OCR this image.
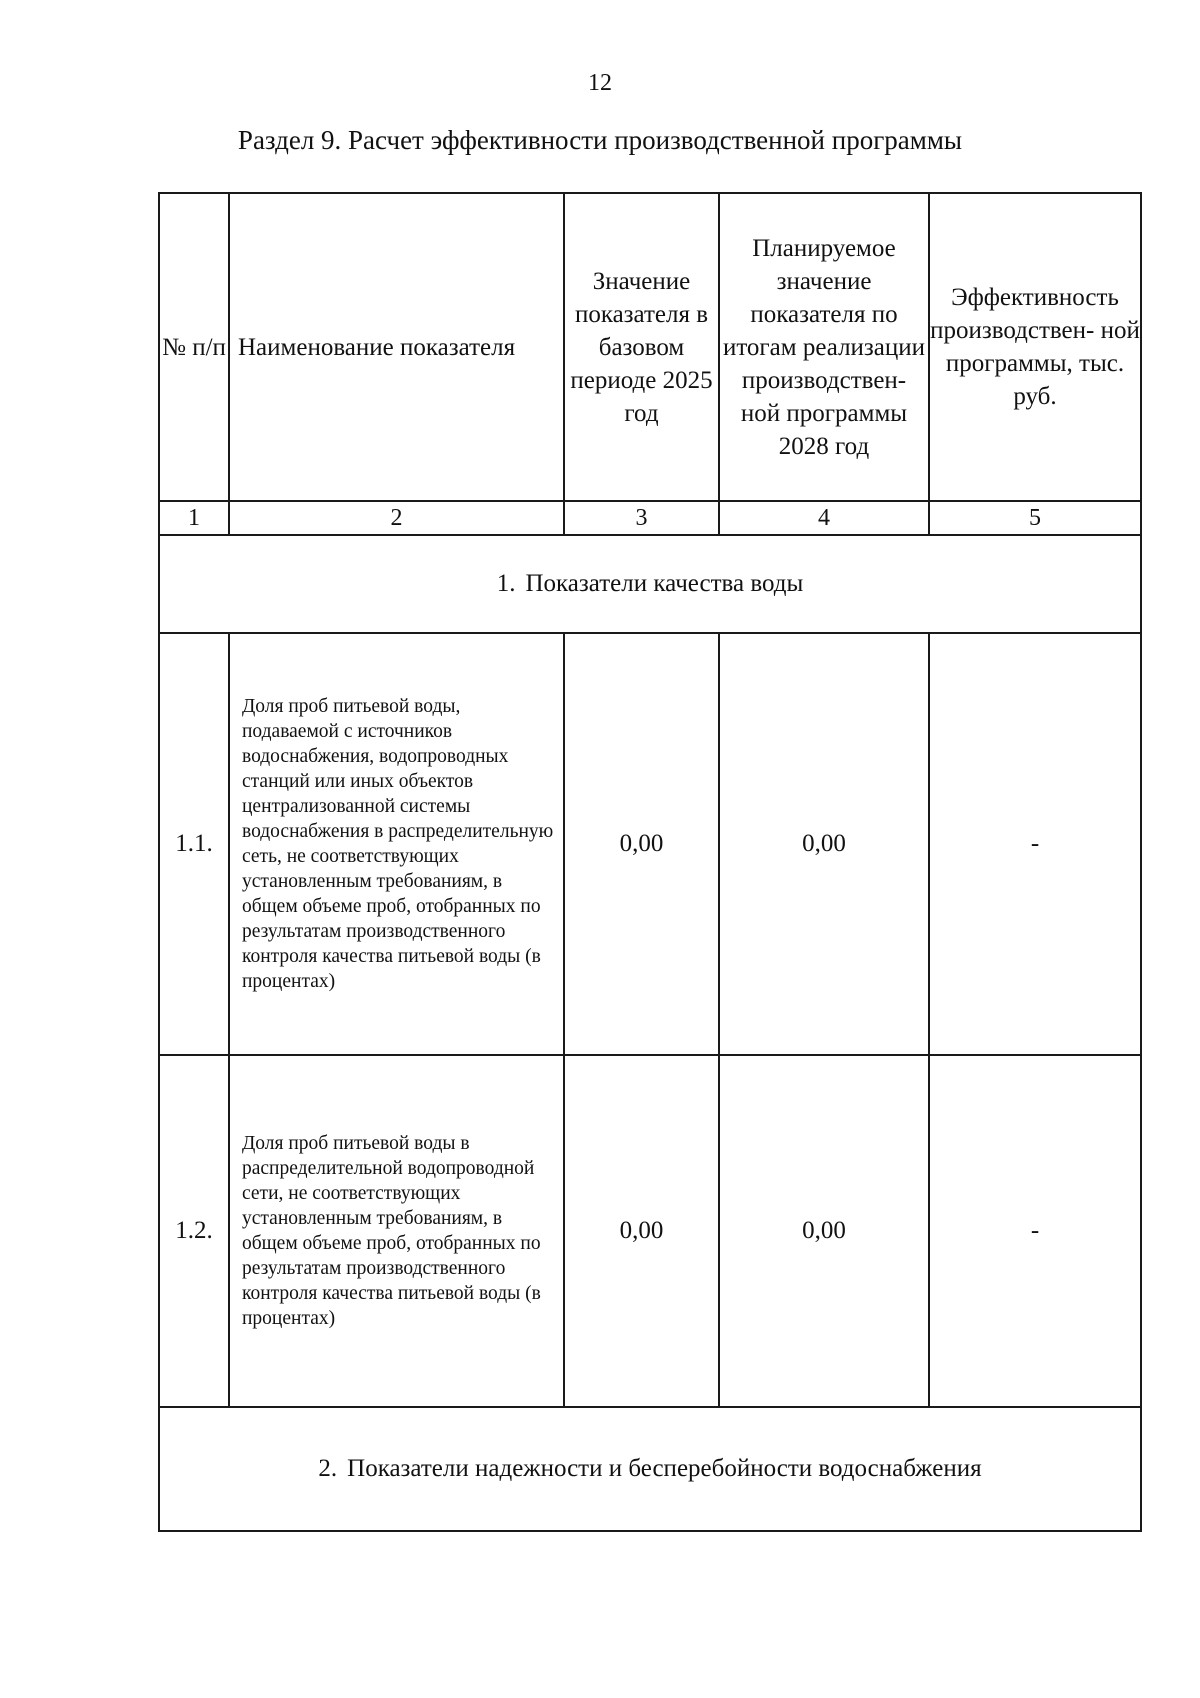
12
Раздел 9. Расчет эффективности производственной программы
№ п/п	Наименование показателя	Значение показателя в базовом периоде 2025 год	Планируемое значение показателя по итогам реализации производствен- ной программы 2028 год	Эффективность производствен- ной программы, тыс. руб.
1	2	3	4	5
1. Показатели качества воды				
1.1.	Доля проб питьевой воды, подаваемой с источников водоснабжения, водопроводных станций или иных объектов централизованной системы водоснабжения в распределительную сеть, не соответствующих установленным требованиям, в общем объеме проб, отобранных по результатам производственного контроля качества питьевой воды (в процентах)	0,00	0,00	-
1.2.	Доля проб питьевой воды в распределительной водопроводной сети, не соответствующих установленным требованиям, в общем объеме проб, отобранных по результатам производственного контроля качества питьевой воды (в процентах)	0,00	0,00	-
2. Показатели надежности и бесперебойности водоснабжения				
